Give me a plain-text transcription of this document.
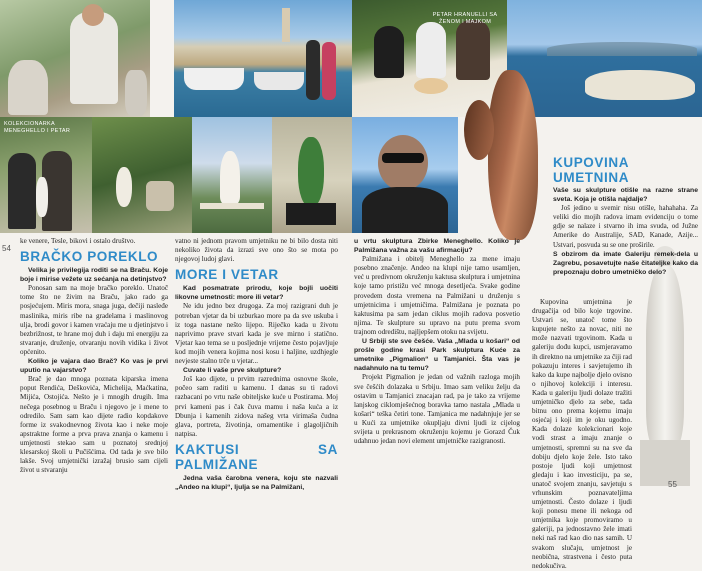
PETAR HRANUELLI SA ŽENOM I MAJKOM
KOLEKCIONARKA MENEGHELLO I PETAR
54

ke venere, Tesle, bikovi i ostalo društvo.

BRAČKO POREKLO

Velika je privilegija roditi se na Braču. Koje boje i mirise vežete uz sećanja na detinjstvo?

Ponosan sam na moje bračko poreklo. Unatoč tome što ne živim na Braču, jako rado ga posjećujem. Miris mora, snaga juga, dečiji nasleđe maslinika, miris ribe na gradelama i maslinovog ulja, brodi govor i kamen vraćaju me u djetinjstvo i bezbrižnost, te hrane moj duh i daju mi energiju za stvaranje, druženje, otvaranju novih vidika i život općenito.

Koliko je vajara dao Brač? Ko vas je prvi uputio na vajarstvo?

Brač je dao mnoga poznata kiparska imena poput Rendića, Deškovića, Michelija, Maćkatina, Mijića, Ostojića. Nešto je i mnogih drugih. Ima nečega posebnog u Braču i njegovo je i mene to odredilo. Sam sam kao dijete radio kopdakove forme iz svakodnevnog života kao i neke moje apstraktne forme a prva prava znanja o kamenu i umjetnosti stekao sam u poznatoj srednjoj klesarskoj školi u Pučišćima. Od tada je sve bilo lakše. Svoj umjetnički izražaj brusio sam cijeli život u stvaranju

vatno ni jednom pravom umjetniku ne bi bilo dosta niti nekoliko života da izrazi sve ono što se mota po njegovoj ludoj glavi.

MORE I VETAR

Kad posmatrate prirodu, koje bojli uočiti likovne umetnosti: more ili vetar?

Ne idu jedno bez drugoga. Za moj razigrani duh je potreban vjetar da bi uzburkao more pa da sve uskuba i iz toga nastane nešto lijepo. Riječko kada u životu naprivimo prave stvari kada je sve mirno i statično. Vjetar kao tema se u posljednje vrijeme često pojavljuje kod mojih venera kojima nosi kosu i haljine, uzdhjegle nevjeste stalno trče u vjetar...

Cuvate li vaše prve skulpture?

Još kao dijete, u prvim razrednima osnovne škole, počeo sam raditi u kamenu. I danas su ti radovi razbacani po vrtu naše obiteljske kuće u Postirama. Moj prvi kameni pas i čak čuva mamu i naša kuća a iz Dbunja i kamenih zidova našeg vrta virimaša čudna glava, portreta, životinja, ornamentike i glagoljičnih natpisa.

KAKTUSI SA PALMIŽANE

Jedna vaša čarobna venera, koju ste nazvali „Andeo na klupi“, ljulja se na Palmižani,

u vrtu skulptura Zbirke Meneghello. Koliko je Palmižana važna za vašu afirmaciju?

Palmižana i obitelj Meneghello za mene imaju posebno značenje. Andeo na klupi nije tamo usamljen, već u predivnom okruženju kaktusa skulptura i umjetnina koje tamo pristižu već mnoga desetljeća. Svake godine provedem dosta vremena na Palmižani u druženju s umjetnicima i umjetničima. Palmižana je poznata po kaktusima pa sam jedan ciklus mojih radova posvetio njima. Te skulpture su upravo na putu prema svom trajnom odredištu, najljepšem otoku na svijetu.

U Srbiji ste sve češće. Vaša „Mlada u košari“ od prošle godine krasi Park skulptura Kuće za umetnike „Pigmalion“ u Tamjanici. Šta vas je nadahnulo na tu temu?

Projekt Pigmalion je jedan od važnih razloga mojih sve češćih dolazaka u Srbiju. Imao sam veliku želju da ostavim u Tamjanici znacajan rad, pa je tako za vrijeme lanjskog ciklomješećnog boravka tamo nastala „Mlada u košari“ teška četiri tone. Tamjanica me nadahnjuje jer se u Kući za umjetnike okupljaju divni ljudi iz cijelog svijeta u prekrasnom okruženju kojemu je Gorazd Čuk udahnuo jedan novi element umjetničke razigranosti.

KUPOVINA UMETNINA

Vaše su skulpture otišle na razne strane sveta. Koja je otišla najdalje?

Još jedino u svemir nisu otišle, hahahaha. Za veliki dio mojih radova imam evidenciju o tome gdje se nalaze i stvarno ih ima svuda, od Južne Amerike do Australije, SAD, Kanade, Azije... Ustvari, posvuda su se one proširile.

S obzirom da imate Galeriju remek-dela u Zagrebu, posavetujte naše čitateljke kako da prepoznaju dobro umetničko delo?

Kupovina umjetnina je drugačija od bilo koje trgovine. Ustvari se, unatoč tome što kupujete nešto za novac, niti ne može nazvati trgovinom. Kada u galeriju dođu kupci, usmjeravamo ih direktno na umjetnike za čiji rad pokazuju interes i savjetujemo ih kako da kupe najbolje djelo ovisno o njihovoj kolekciji i interesu. Kada u galeriju ljudi dolaze tražiti umjetničko djelo za sebe, tada bitnu ono prema kojemu imaju osjećaj i koji im je oku ugodno. Kada dolaze kolekcionari koje vodi strast a imaju znanje o umjetnosti, spremni su na sve da dobiju djelo koje žele. Isto tako postoje ljudi koji umjetnost gledaju i kao investiciju, pa se, unatoč svojem znanju, savjetuju s vrhunskim poznavateljima umjetnosti. Često dolaze i ljudi koji ponesu mene ili nekoga od umjetnika koje promoviramo u galeriji, pa jednostavno žele imati neki naš rad kao dio nas samih. U svakom slučaju, umjetnost je neobična, strastvena i često puta nedokučiva.

55
